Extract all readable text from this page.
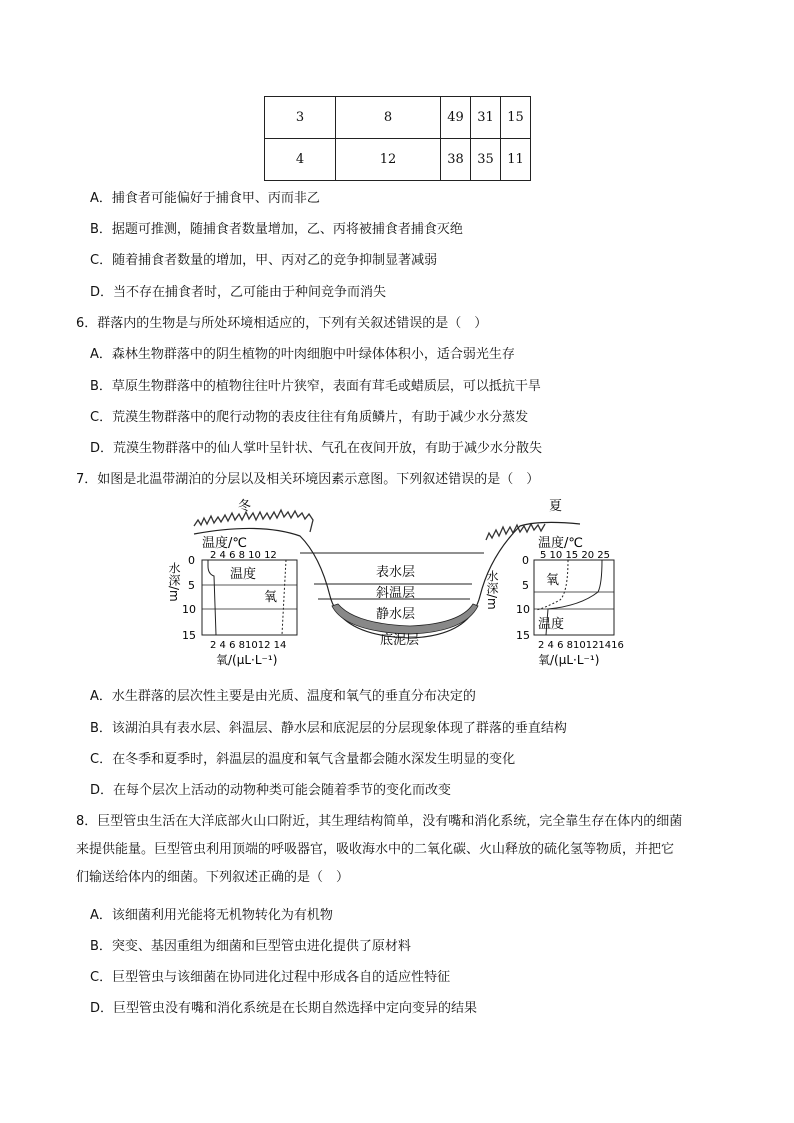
3	8	49	31	15
4	12	38	35	11
A．捕食者可能偏好于捕食甲、丙而非乙
B．据题可推测，随捕食者数量增加，乙、丙将被捕食者捕食灭绝
C．随着捕食者数量的增加，甲、丙对乙的竞争抑制显著减弱
D．当不存在捕食者时，乙可能由于种间竞争而消失
6．群落内的生物是与所处环境相适应的，下列有关叙述错误的是（　）
A．森林生物群落中的阴生植物的叶肉细胞中叶绿体体积小，适合弱光生存
B．草原生物群落中的植物往往叶片狭窄，表面有茸毛或蜡质层，可以抵抗干旱
C．荒漠生物群落中的爬行动物的表皮往往有角质鳞片，有助于减少水分蒸发
D．荒漠生物群落中的仙人掌叶呈针状、气孔在夜间开放，有助于减少水分散失
7．如图是北温带湖泊的分层以及相关环境因素示意图。下列叙述错误的是（　）
冬	夏
表水层
斜温层
静水层
底泥层
温度/℃
2 4 6 8 10 12
温度
氧
0
5
10
15
水深/m
2 4 6 81012 14
氧/(μL·L⁻¹)
温度/℃
5 10 15 20 25
氧
温度
0
5
10
15
水深/m
2 4 6 810121416
氧/(μL·L⁻¹)
A．水生群落的层次性主要是由光质、温度和氧气的垂直分布决定的
B．该湖泊具有表水层、斜温层、静水层和底泥层的分层现象体现了群落的垂直结构
C．在冬季和夏季时，斜温层的温度和氧气含量都会随水深发生明显的变化
D．在每个层次上活动的动物种类可能会随着季节的变化而改变
8．巨型管虫生活在大洋底部火山口附近，其生理结构简单，没有嘴和消化系统，完全靠生存在体内的细菌
来提供能量。巨型管虫利用顶端的呼吸器官，吸收海水中的二氧化碳、火山释放的硫化氢等物质，并把它
们输送给体内的细菌。下列叙述正确的是（　）
A．该细菌利用光能将无机物转化为有机物
B．突变、基因重组为细菌和巨型管虫进化提供了原材料
C．巨型管虫与该细菌在协同进化过程中形成各自的适应性特征
D．巨型管虫没有嘴和消化系统是在长期自然选择中定向变异的结果
